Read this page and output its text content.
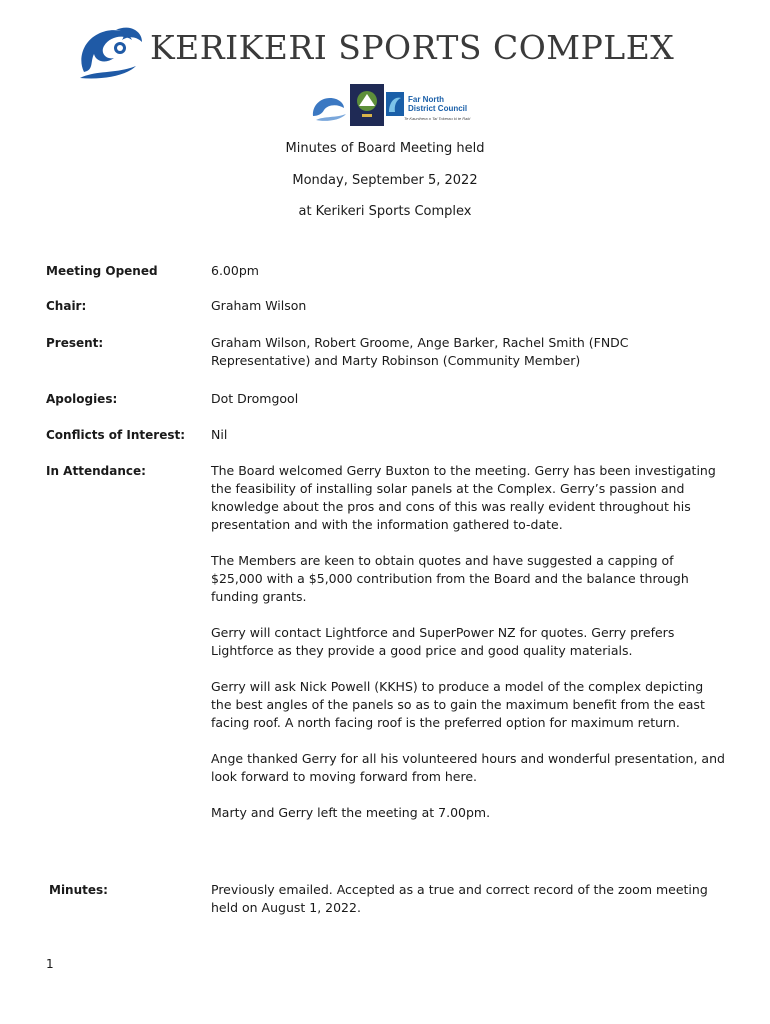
KERIKERI SPORTS COMPLEX
Far North
District Council
Te Kaunihera o Tai Tokerau ki te Raki
Minutes of Board Meeting held
Monday, September 5, 2022
at Kerikeri Sports Complex
Meeting Opened	6.00pm
Chair:	Graham Wilson
Present:	Graham Wilson, Robert Groome, Ange Barker, Rachel Smith (FNDC Representative) and Marty Robinson (Community Member)
Apologies:	Dot Dromgool
Conflicts of Interest:	Nil
In Attendance:	The Board welcomed Gerry Buxton to the meeting. Gerry has been investigating the feasibility of installing solar panels at the Complex. Gerry’s passion and knowledge about the pros and cons of this was really evident throughout his presentation and with the information gathered to-date.

The Members are keen to obtain quotes and have suggested a capping of $25,000 with a $5,000 contribution from the Board and the balance through funding grants.

Gerry will contact Lightforce and SuperPower NZ for quotes. Gerry prefers Lightforce as they provide a good price and good quality materials.

Gerry will ask Nick Powell (KKHS) to produce a model of the complex depicting the best angles of the panels so as to gain the maximum benefit from the east facing roof. A north facing roof is the preferred option for maximum return.

Ange thanked Gerry for all his volunteered hours and wonderful presentation, and look forward to moving forward from here.

Marty and Gerry left the meeting at 7.00pm.

Minutes:	Previously emailed. Accepted as a true and correct record of the zoom meeting held on August 1, 2022.
1
